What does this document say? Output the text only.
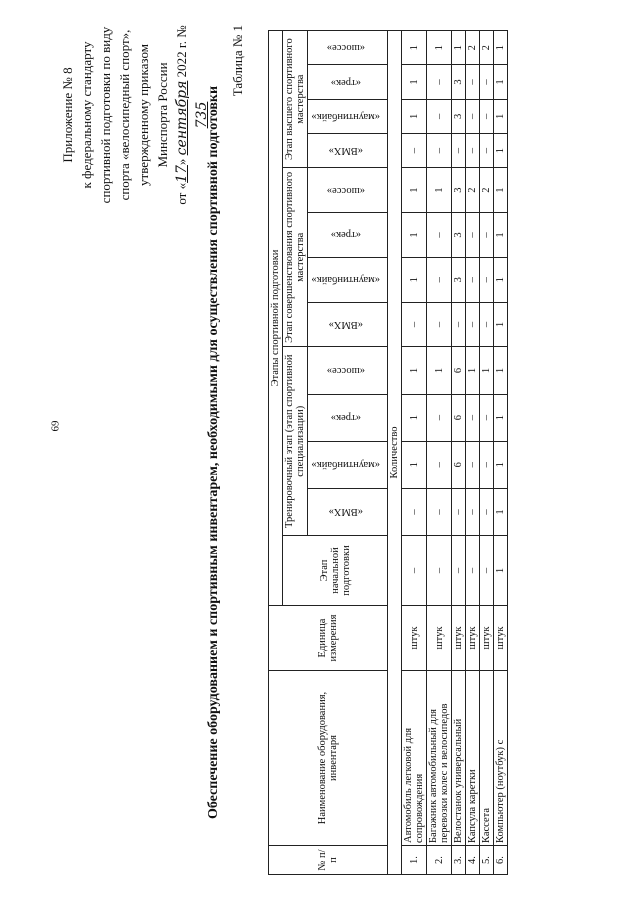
69
Приложение № 8 к федеральному стандарту спортивной подготовки по виду спорта «велосипедный спорт», утвержденному приказом Минспорта России
от «17» сентября 2022 г. № 735
Обеспечение оборудованием и спортивным инвентарем, необходимыми для осуществления спортивной подготовки
Таблица № 1
№ п/п	Наименование оборудования, инвентаря	Единица измерения	Этапы спортивной подготовки												
			Этап начальной подготовки	Тренировочный этап (этап спортивной специализации)				Этап совершенствования спортивного мастерства				Этап высшего спортивного мастерства			
				«ВМХ»	«маунтинбайк»	«трек»	«шоссе»	«ВМХ»	«маунтинбайк»	«трек»	«шоссе»	«ВМХ»	«маунтинбайк»	«трек»	«шоссе»
Количество															
1.	Автомобиль легковой для сопровождения	штук	–	–	1	1	1	–	1	1	1	–	1	1	1
2.	Багажник автомобильный для перевозки колес и велосипедов	штук	–	–	–	–	1	–	–	–	1	–	–	–	1
3.	Велостанок универсальный	штук	–	–	6	6	6	–	3	3	3	–	3	3	1
4.	Капсула каретки	штук	–	–	–	–	1	–	–	–	2	–	–	–	2
5.	Кассета	штук	–	–	–	–	1	–	–	–	2	–	–	–	2
6.	Компьютер (ноутбук) с	штук	1	1	1	1	1	1	1	1	1	1	1	1	1
